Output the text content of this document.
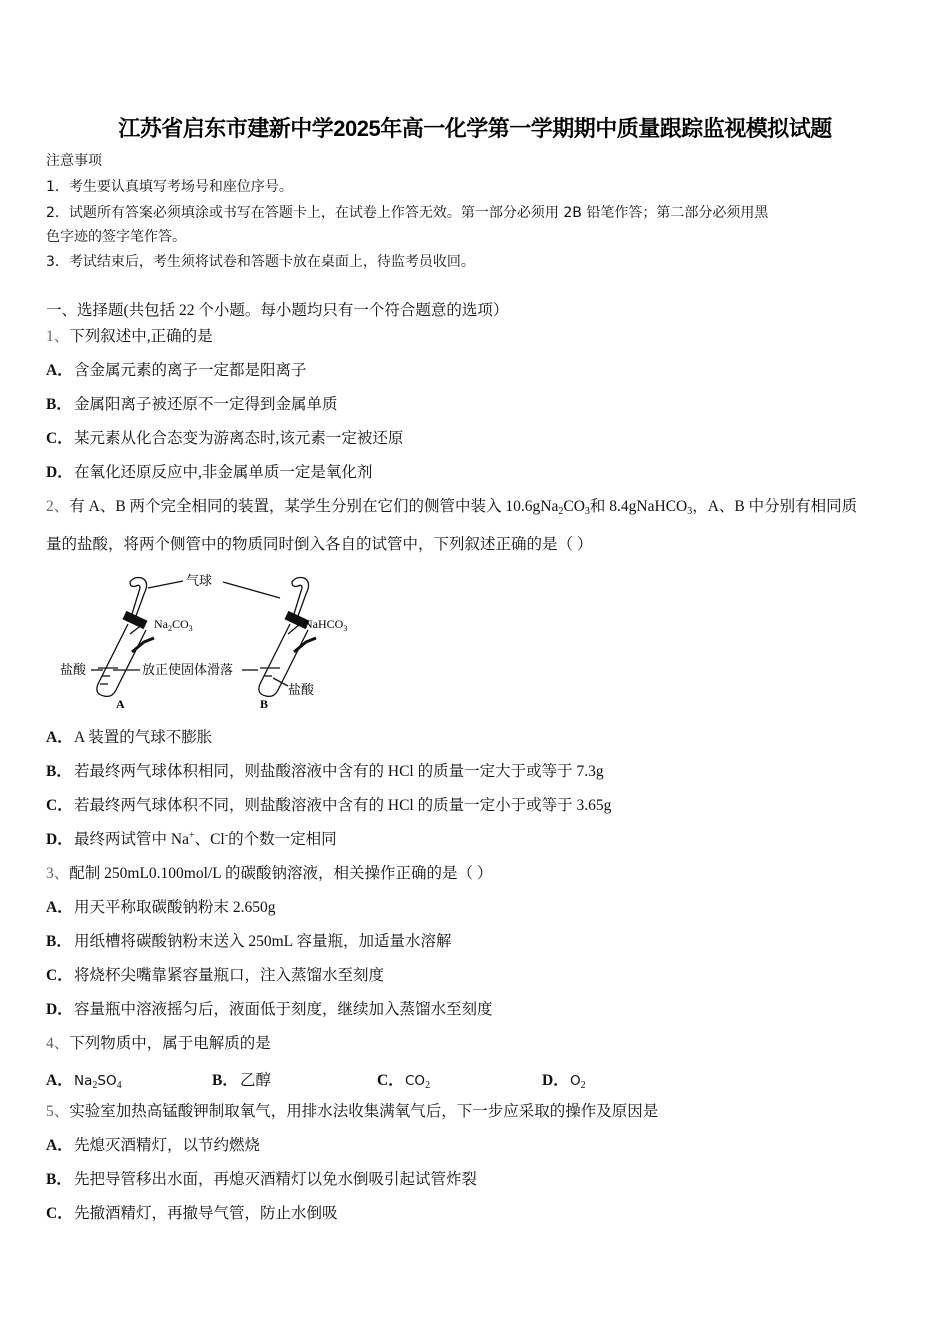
江苏省启东市建新中学2025年高一化学第一学期期中质量跟踪监视模拟试题
注意事项
1．考生要认真填写考场号和座位序号。
2．试题所有答案必须填涂或书写在答题卡上，在试卷上作答无效。第一部分必须用 2B 铅笔作答；第二部分必须用黑
色字迹的签字笔作答。
3．考试结束后，考生须将试卷和答题卡放在桌面上，待监考员收回。
一、选择题(共包括 22 个小题。每小题均只有一个符合题意的选项）
1、下列叙述中,正确的是
A．含金属元素的离子一定都是阳离子
B． 金属阳离子被还原不一定得到金属单质
C．某元素从化合态变为游离态时,该元素一定被还原
D．在氧化还原反应中,非金属单质一定是氧化剂
2、有 A、B 两个完全相同的装置，某学生分别在它们的侧管中装入 $10.6gNa_2CO_3$和 8.4gNaHCO$_3$，A、B 中分别有相同质
量的盐酸，将两个侧管中的物质同时倒入各自的试管中，下列叙述正确的是（ ）
气球
$Na_2CO_3$	NaHCO$_3$
盐酸	放正使固体滑落
盐酸
A	B
A．A 装置的气球不膨胀
B． 若最终两气球体积相同，则盐酸溶液中含有的 HCl 的质量一定大于或等于 7.3g
C．若最终两气球体积不同，则盐酸溶液中含有的 HCl 的质量一定小于或等于 3.65g
D．最终两试管中 Na+、Cl-的个数一定相同
3、配制 250mL0.100mol/L 的碳酸钠溶液，相关操作正确的是（ ）
A．用天平称取碳酸钠粉末 2.650g
B． 用纸槽将碳酸钠粉末送入 250mL 容量瓶，加适量水溶解
C．将烧杯尖嘴靠紧容量瓶口，注入蒸馏水至刻度
D．容量瓶中溶液摇匀后，液面低于刻度，继续加入蒸馏水至刻度
4、下列物质中，属于电解质的是
A．$Na_2SO_4$	B． 乙醇	C．$CO_2$	D．$O_2$
5、实验室加热高锰酸钾制取氧气，用排水法收集满氧气后，下一步应采取的操作及原因是
A．先熄灭酒精灯，以节约燃烧
B． 先把导管移出水面，再熄灭酒精灯以免水倒吸引起试管炸裂
C．先撤酒精灯，再撤导气管，防止水倒吸
